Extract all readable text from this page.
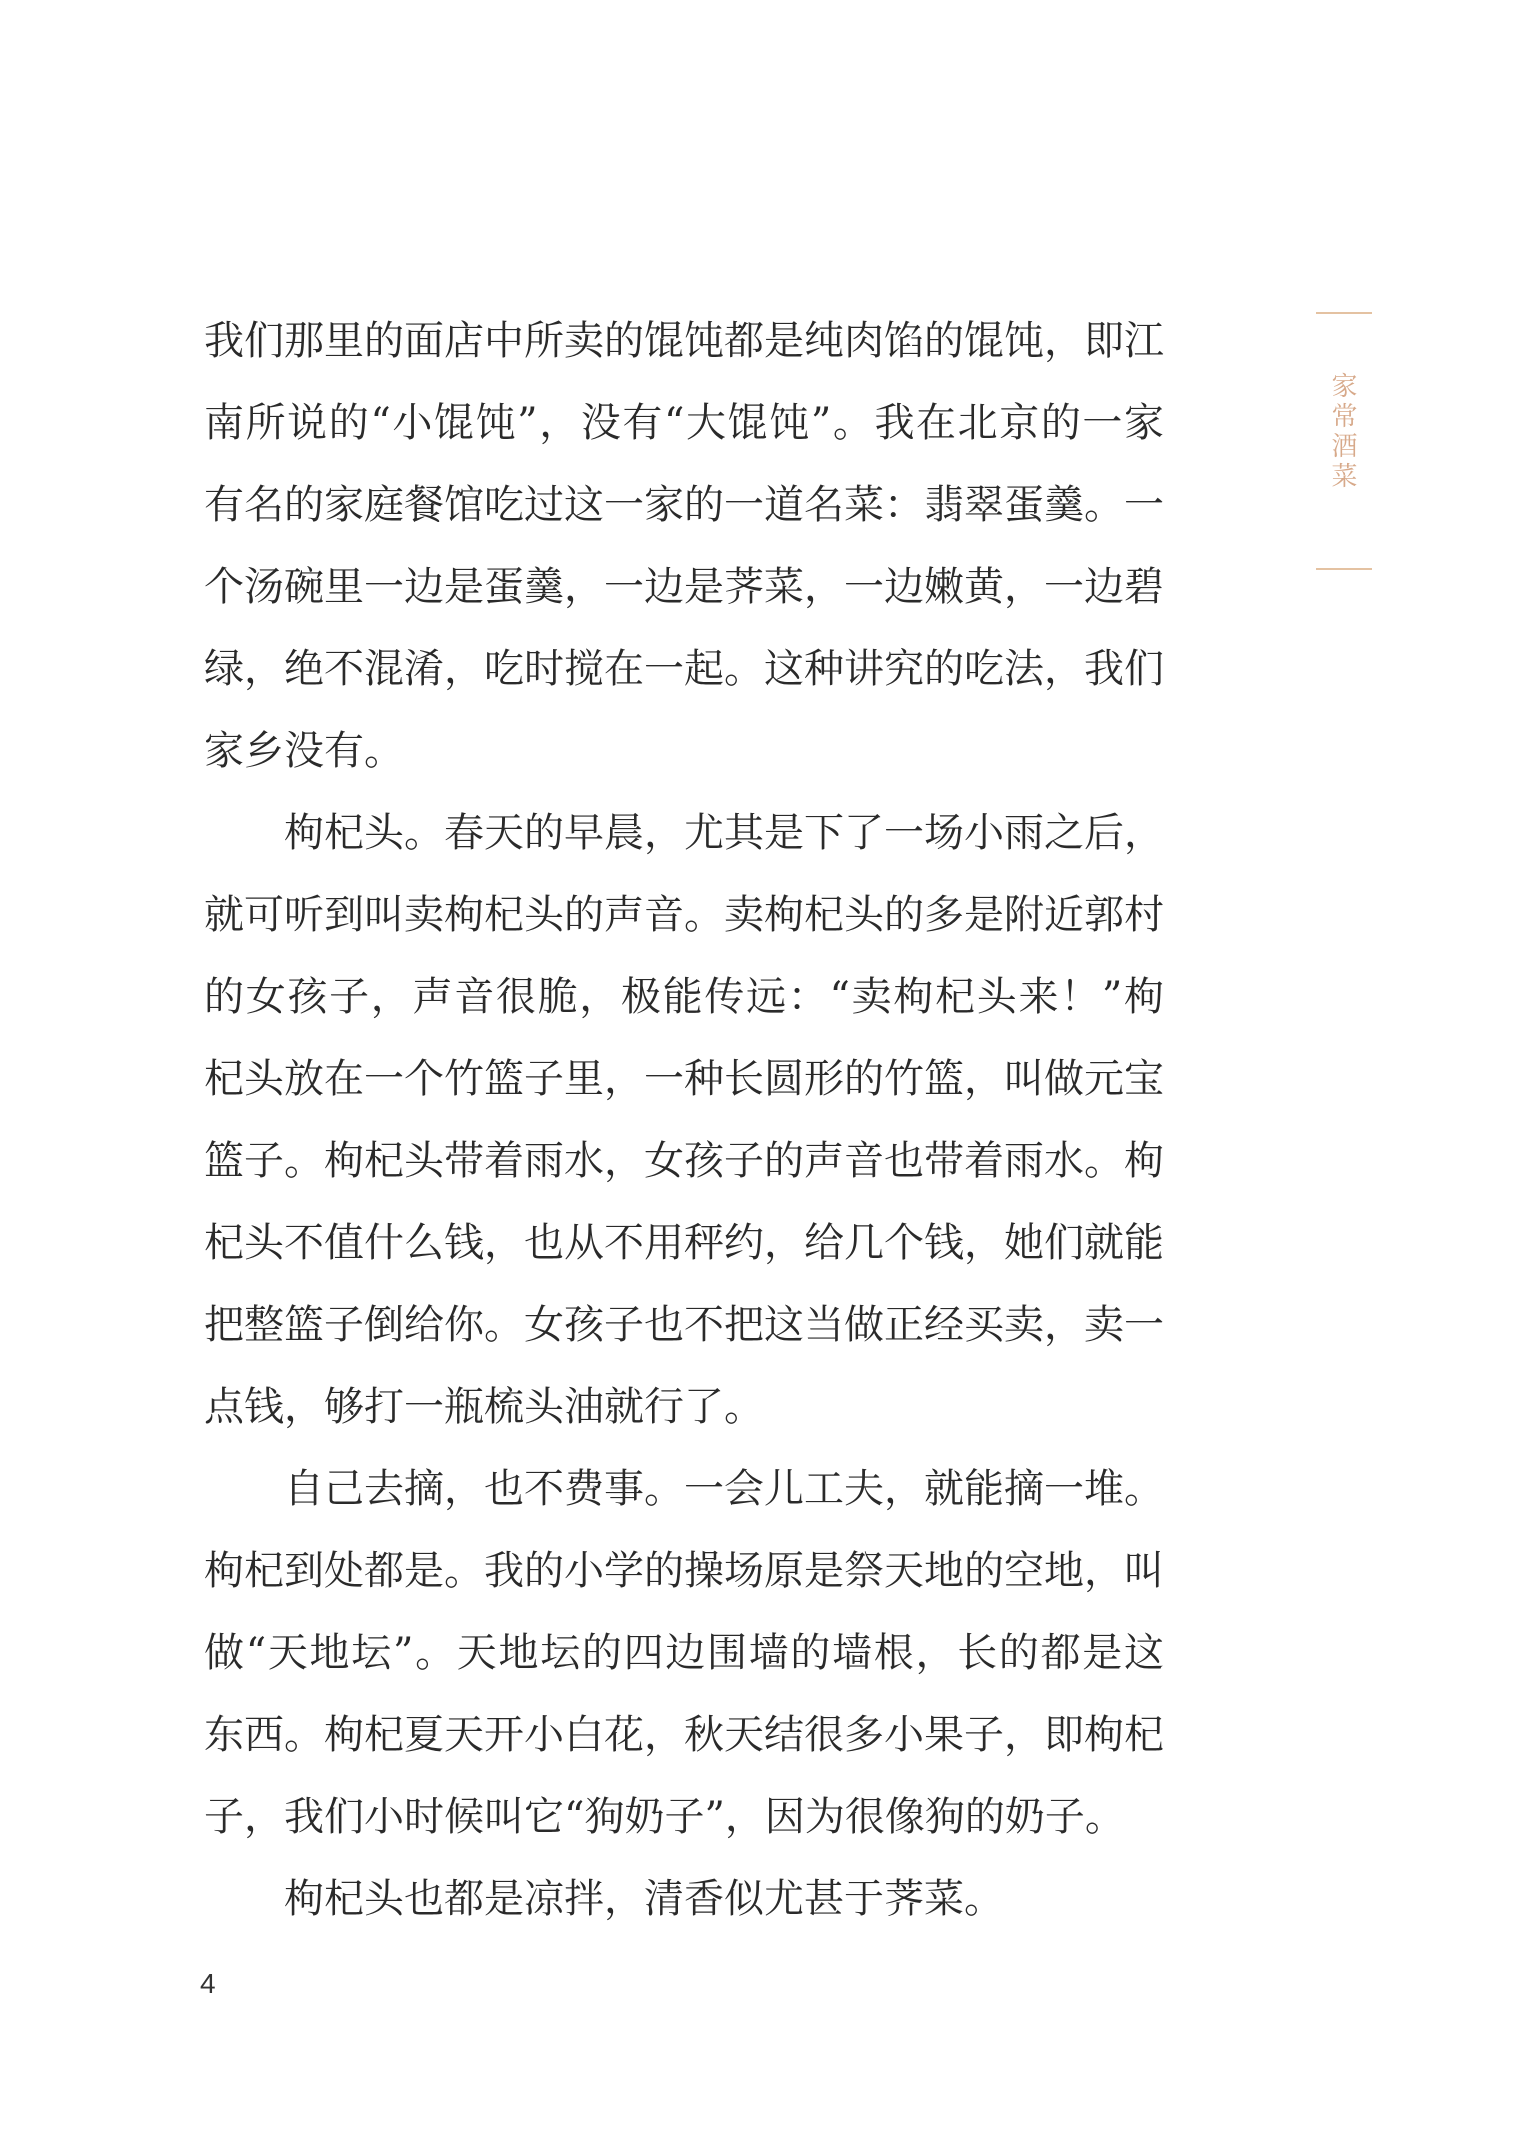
家常酒菜

我们那里的面店中所卖的馄饨都是纯肉馅的馄饨，即江南所说的“小馄饨”，没有“大馄饨”。我在北京的一家有名的家庭餐馆吃过这一家的一道名菜：翡翠蛋羹。一个汤碗里一边是蛋羹，一边是荠菜，一边嫩黄，一边碧绿，绝不混淆，吃时搅在一起。这种讲究的吃法，我们家乡没有。

枸杞头。春天的早晨，尤其是下了一场小雨之后，就可听到叫卖枸杞头的声音。卖枸杞头的多是附近郭村的女孩子，声音很脆，极能传远：“卖枸杞头来！”枸杞头放在一个竹篮子里，一种长圆形的竹篮，叫做元宝篮子。枸杞头带着雨水，女孩子的声音也带着雨水。枸杞头不值什么钱，也从不用秤约，给几个钱，她们就能把整篮子倒给你。女孩子也不把这当做正经买卖，卖一点钱，够打一瓶梳头油就行了。

自己去摘，也不费事。一会儿工夫，就能摘一堆。枸杞到处都是。我的小学的操场原是祭天地的空地，叫做“天地坛”。天地坛的四边围墙的墙根，长的都是这东西。枸杞夏天开小白花，秋天结很多小果子，即枸杞子，我们小时候叫它“狗奶子”，因为很像狗的奶子。

枸杞头也都是凉拌，清香似尤甚于荠菜。

4
